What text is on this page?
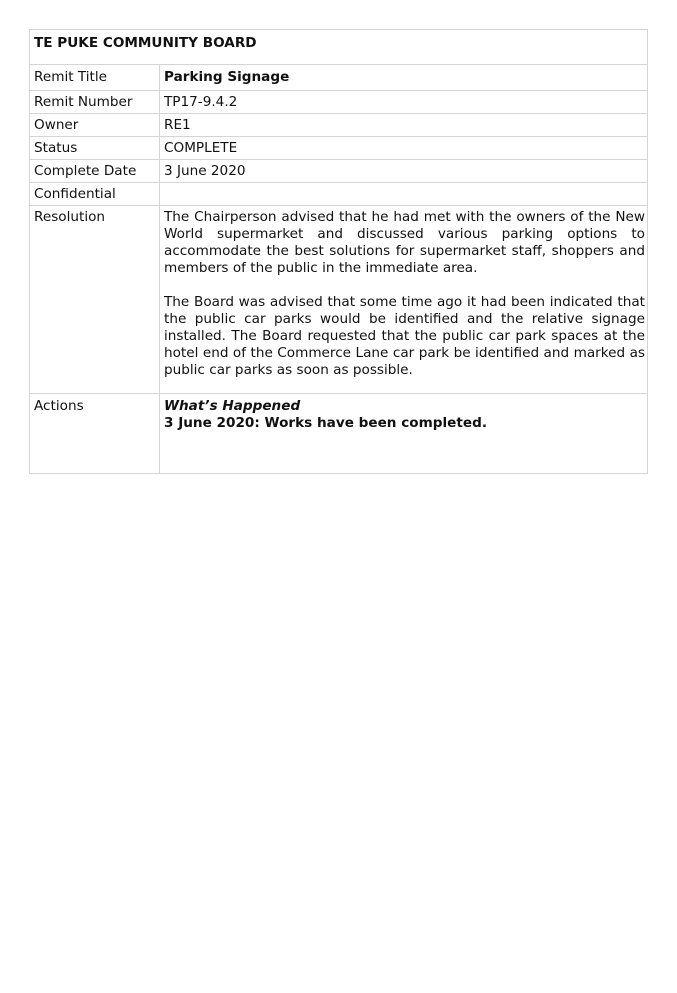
TE PUKE COMMUNITY BOARD	
Remit Title	Parking Signage
Remit Number	TP17-9.4.2
Owner	RE1
Status	COMPLETE
Complete Date	3 June 2020
Confidential	
Resolution	The Chairperson advised that he had met with the owners of the New World supermarket and discussed various parking options to accommodate the best solutions for supermarket staff, shoppers and members of the public in the immediate area.

The Board was advised that some time ago it had been indicated that the public car parks would be identified and the relative signage installed. The Board requested that the public car park spaces at the hotel end of the Commerce Lane car park be identified and marked as public car parks as soon as possible.

Actions	What’s Happened
3 June 2020: Works have been completed.
